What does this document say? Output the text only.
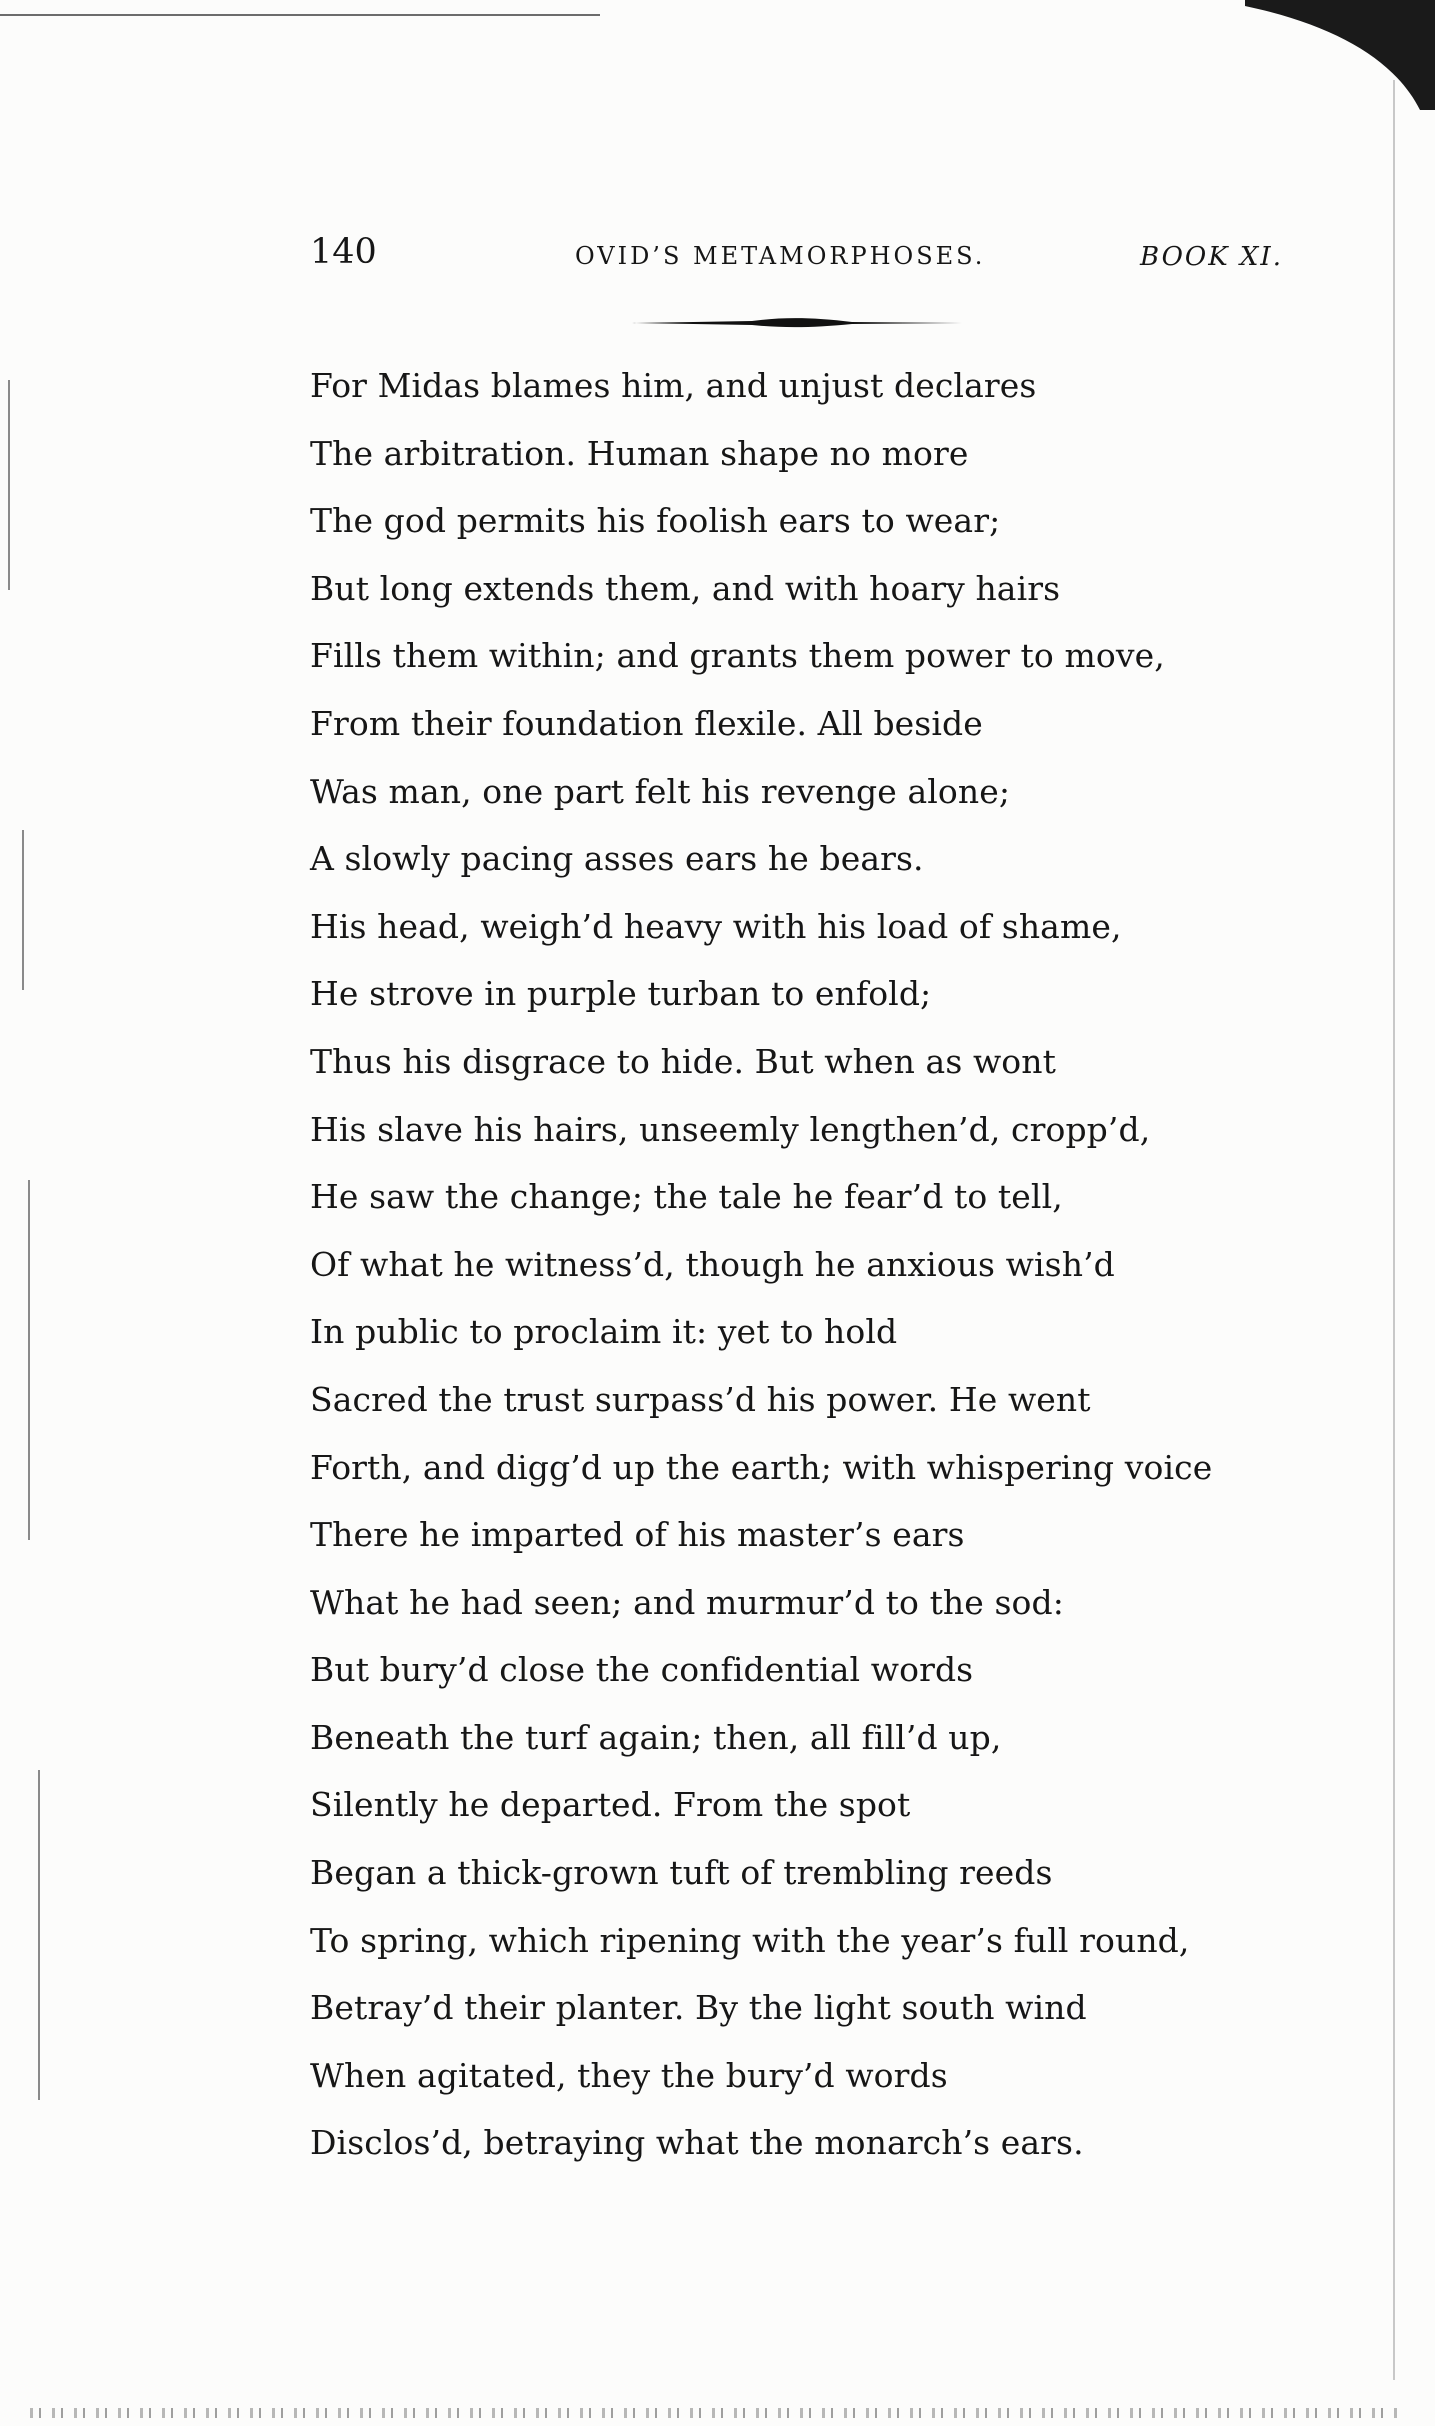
140	OVID’S METAMORPHOSES.	BOOK XI.
For Midas blames him, and unjust declares
The arbitration. Human shape no more
The god permits his foolish ears to wear;
But long extends them, and with hoary hairs
Fills them within; and grants them power to move,
From their foundation flexile. All beside
Was man, one part felt his revenge alone;
A slowly pacing asses ears he bears.
His head, weigh’d heavy with his load of shame,
He strove in purple turban to enfold;
Thus his disgrace to hide. But when as wont
His slave his hairs, unseemly lengthen’d, cropp’d,
He saw the change; the tale he fear’d to tell,
Of what he witness’d, though he anxious wish’d
In public to proclaim it: yet to hold
Sacred the trust surpass’d his power. He went
Forth, and digg’d up the earth; with whispering voice
There he imparted of his master’s ears
What he had seen; and murmur’d to the sod:
But bury’d close the confidential words
Beneath the turf again; then, all fill’d up,
Silently he departed. From the spot
Began a thick-grown tuft of trembling reeds
To spring, which ripening with the year’s full round,
Betray’d their planter. By the light south wind
When agitated, they the bury’d words
Disclos’d, betraying what the monarch’s ears.
